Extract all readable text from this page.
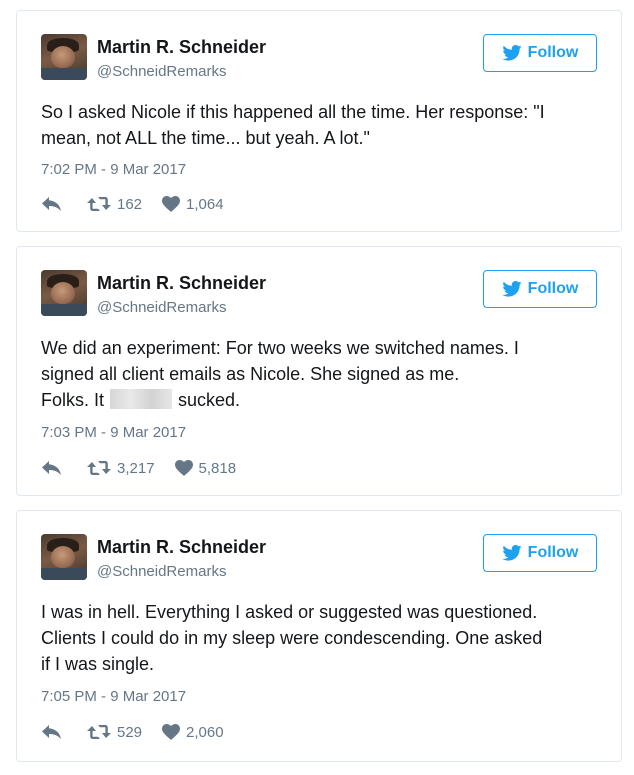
Martin R. Schneider
@SchneidRemarks
Follow
So I asked Nicole if this happened all the time. Her response: "I
mean, not ALL the time... but yeah. A lot."
7:02 PM - 9 Mar 2017
162	1,064
Martin R. Schneider
@SchneidRemarks
Follow
We did an experiment: For two weeks we switched names. I
signed all client emails as Nicole. She signed as me.
Folks. It	sucked.
7:03 PM - 9 Mar 2017
3,217	5,818
Martin R. Schneider
@SchneidRemarks
Follow
I was in hell. Everything I asked or suggested was questioned.
Clients I could do in my sleep were condescending. One asked
if I was single.
7:05 PM - 9 Mar 2017
529	2,060
